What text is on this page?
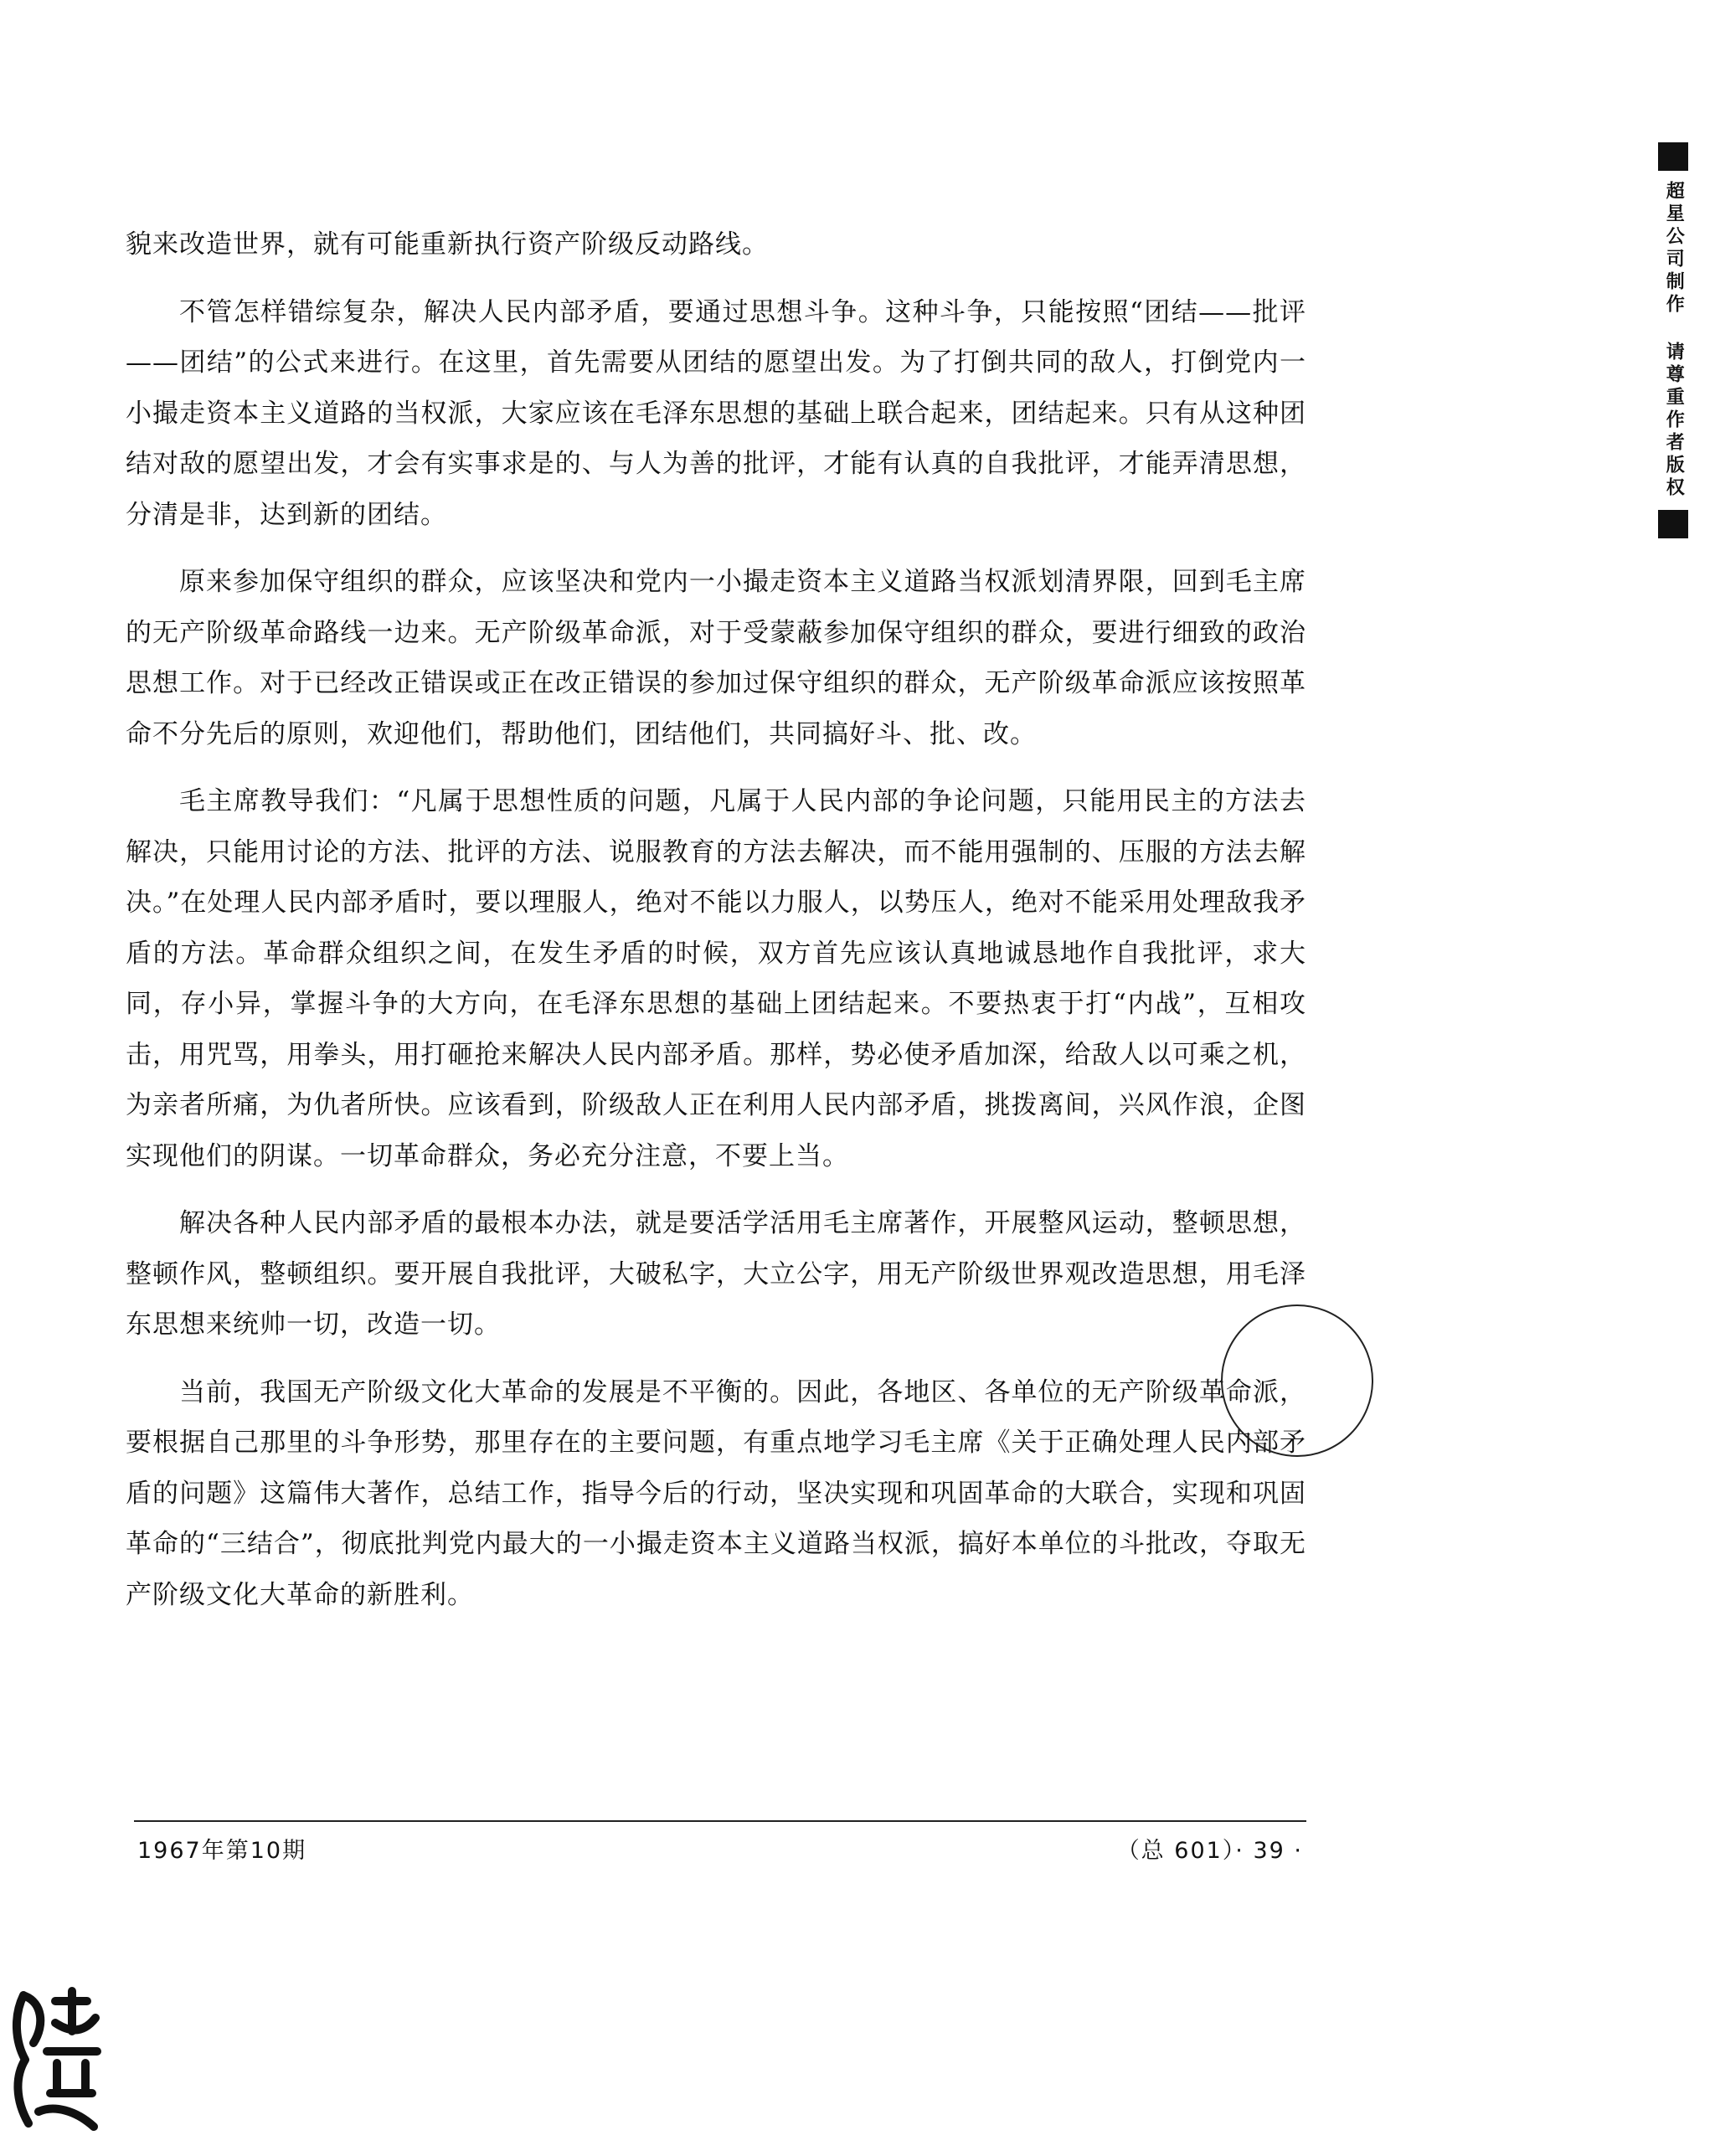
貌来改造世界，就有可能重新执行资产阶级反动路线。

不管怎样错综复杂，解决人民内部矛盾，要通过思想斗争。这种斗争，只能按照“团结——批评——团结”的公式来进行。在这里，首先需要从团结的愿望出发。为了打倒共同的敌人，打倒党内一小撮走资本主义道路的当权派，大家应该在毛泽东思想的基础上联合起来，团结起来。只有从这种团结对敌的愿望出发，才会有实事求是的、与人为善的批评，才能有认真的自我批评，才能弄清思想，分清是非，达到新的团结。

原来参加保守组织的群众，应该坚决和党内一小撮走资本主义道路当权派划清界限，回到毛主席的无产阶级革命路线一边来。无产阶级革命派，对于受蒙蔽参加保守组织的群众，要进行细致的政治思想工作。对于已经改正错误或正在改正错误的参加过保守组织的群众，无产阶级革命派应该按照革命不分先后的原则，欢迎他们，帮助他们，团结他们，共同搞好斗、批、改。

毛主席教导我们：“凡属于思想性质的问题，凡属于人民内部的争论问题，只能用民主的方法去解决，只能用讨论的方法、批评的方法、说服教育的方法去解决，而不能用强制的、压服的方法去解决。”在处理人民内部矛盾时，要以理服人，绝对不能以力服人，以势压人，绝对不能采用处理敌我矛盾的方法。革命群众组织之间，在发生矛盾的时候，双方首先应该认真地诚恳地作自我批评，求大同，存小异，掌握斗争的大方向，在毛泽东思想的基础上团结起来。不要热衷于打“内战”，互相攻击，用咒骂，用拳头，用打砸抢来解决人民内部矛盾。那样，势必使矛盾加深，给敌人以可乘之机，为亲者所痛，为仇者所快。应该看到，阶级敌人正在利用人民内部矛盾，挑拨离间，兴风作浪，企图实现他们的阴谋。一切革命群众，务必充分注意，不要上当。

解决各种人民内部矛盾的最根本办法，就是要活学活用毛主席著作，开展整风运动，整顿思想，整顿作风，整顿组织。要开展自我批评，大破私字，大立公字，用无产阶级世界观改造思想，用毛泽东思想来统帅一切，改造一切。

当前，我国无产阶级文化大革命的发展是不平衡的。因此，各地区、各单位的无产阶级革命派，要根据自己那里的斗争形势，那里存在的主要问题，有重点地学习毛主席《关于正确处理人民内部矛盾的问题》这篇伟大著作，总结工作，指导今后的行动，坚决实现和巩固革命的大联合，实现和巩固革命的“三结合”，彻底批判党内最大的一小撮走资本主义道路当权派，搞好本单位的斗批改，夺取无产阶级文化大革命的新胜利。

1967年第10期	（总 601）· 39 ·
超星公司制作 请尊重作者版权
